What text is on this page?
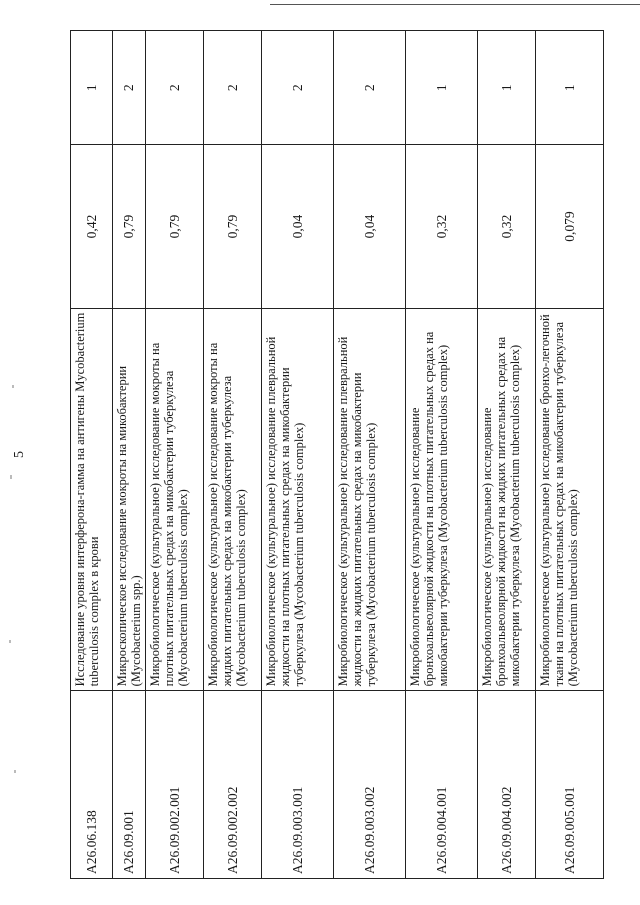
5
A26.06.138	Исследование уровня интерферона-гамма на антигены Mycobacterium tuberculosis complex в крови	0,42	1
A26.09.001	Микроскопическое исследование мокроты на микобактерии (Mycobacterium spp.)	0,79	2
A26.09.002.001	Микробиологическое (культуральное) исследование мокроты на плотных питательных средах на микобактерии туберкулеза (Mycobacterium tuberculosis complex)	0,79	2
A26.09.002.002	Микробиологическое (культуральное) исследование мокроты на жидких питательных средах на микобактерии туберкулеза (Mycobacterium tuberculosis complex)	0,79	2
A26.09.003.001	Микробиологическое (культуральное) исследование плевральной жидкости на плотных питательных средах на микобактерии туберкулеза (Mycobacterium tuberculosis complex)	0,04	2
A26.09.003.002	Микробиологическое (культуральное) исследование плевральной жидкости на жидких питательных средах на микобактерии туберкулеза (Mycobacterium tuberculosis complex)	0,04	2
A26.09.004.001	Микробиологическое (культуральное) исследование бронхоальвеолярной жидкости на плотных питательных средах на микобактерии туберкулеза (Mycobacterium tuberculosis complex)	0,32	1
A26.09.004.002	Микробиологическое (культуральное) исследование бронхоальвеолярной жидкости на жидких питательных средах на микобактерии туберкулеза (Mycobacterium tuberculosis complex)	0,32	1
A26.09.005.001	Микробиологическое (культуральное) исследование бронхо-легочной ткани на плотных питательных средах на микобактерии туберкулеза (Mycobacterium tuberculosis complex)	0,079	1
